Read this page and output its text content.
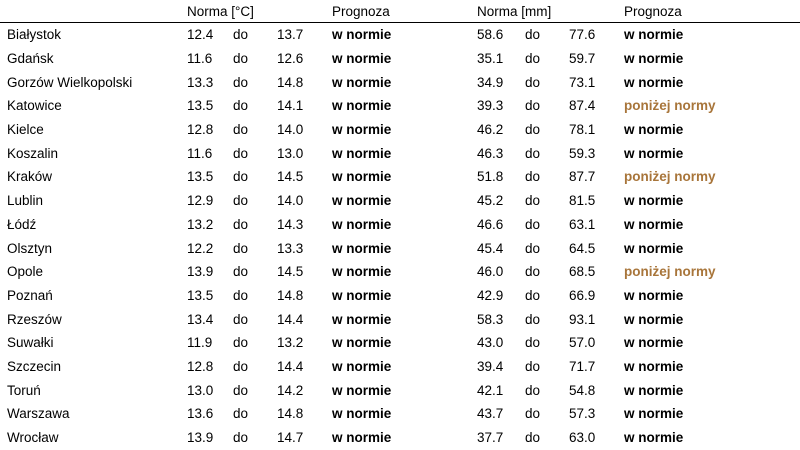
	Norma [°C]			Prognoza	Norma [mm]			Prognoza
Białystok	12.4	do	13.7	w normie	58.6	do	77.6	w normie
Gdańsk	11.6	do	12.6	w normie	35.1	do	59.7	w normie
Gorzów Wielkopolski	13.3	do	14.8	w normie	34.9	do	73.1	w normie
Katowice	13.5	do	14.1	w normie	39.3	do	87.4	poniżej normy
Kielce	12.8	do	14.0	w normie	46.2	do	78.1	w normie
Koszalin	11.6	do	13.0	w normie	46.3	do	59.3	w normie
Kraków	13.5	do	14.5	w normie	51.8	do	87.7	poniżej normy
Lublin	12.9	do	14.0	w normie	45.2	do	81.5	w normie
Łódź	13.2	do	14.3	w normie	46.6	do	63.1	w normie
Olsztyn	12.2	do	13.3	w normie	45.4	do	64.5	w normie
Opole	13.9	do	14.5	w normie	46.0	do	68.5	poniżej normy
Poznań	13.5	do	14.8	w normie	42.9	do	66.9	w normie
Rzeszów	13.4	do	14.4	w normie	58.3	do	93.1	w normie
Suwałki	11.9	do	13.2	w normie	43.0	do	57.0	w normie
Szczecin	12.8	do	14.4	w normie	39.4	do	71.7	w normie
Toruń	13.0	do	14.2	w normie	42.1	do	54.8	w normie
Warszawa	13.6	do	14.8	w normie	43.7	do	57.3	w normie
Wrocław	13.9	do	14.7	w normie	37.7	do	63.0	w normie
